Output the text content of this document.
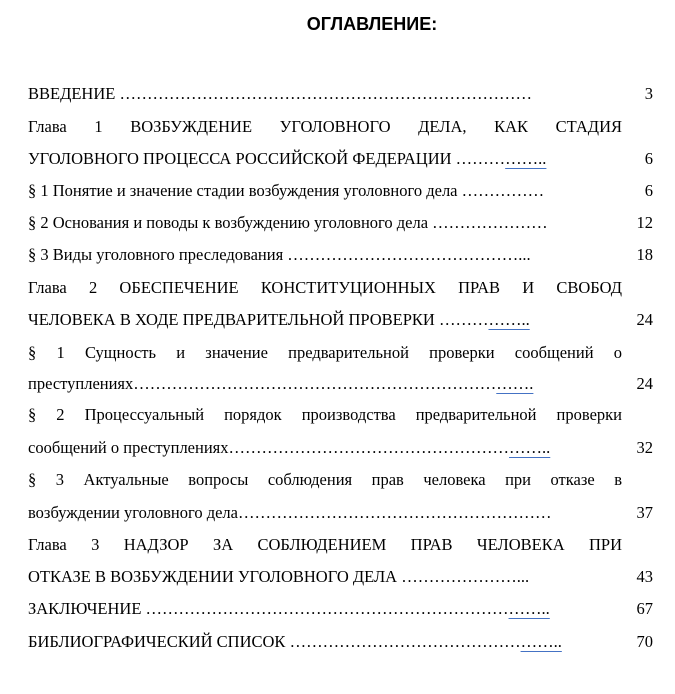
ОГЛАВЛЕНИЕ:
ВВЕДЕНИЕ …………………………………………………………………	3
Глава 1 ВОЗБУЖДЕНИЕ УГОЛОВНОГО ДЕЛА, КАК СТАДИЯ
УГОЛОВНОГО ПРОЦЕССА РОССИЙСКОЙ ФЕДЕРАЦИИ ……………..	6
§ 1 Понятие и значение стадии возбуждения уголовного дела ……………	6
§ 2 Основания и поводы к возбуждению уголовного дела …………………	12
§ 3 Виды уголовного преследования ……………………………………...	18
Глава 2 ОБЕСПЕЧЕНИЕ КОНСТИТУЦИОННЫХ ПРАВ И СВОБОД
ЧЕЛОВЕКА В ХОДЕ ПРЕДВАРИТЕЛЬНОЙ ПРОВЕРКИ ……………..	24
§ 1 Сущность и значение предварительной проверки сообщений о
преступлениях……………………………………………………………….	24
§ 2 Процессуальный порядок производства предварительной проверки
сообщений о преступлениях…………………………………………………..	32
§ 3 Актуальные вопросы соблюдения прав человека при отказе в
возбуждении уголовного дела…………………………………………………	37
Глава 3 НАДЗОР ЗА СОБЛЮДЕНИЕМ ПРАВ ЧЕЛОВЕКА ПРИ
ОТКАЗЕ В ВОЗБУЖДЕНИИ УГОЛОВНОГО ДЕЛА …………………...	43
ЗАКЛЮЧЕНИЕ ………………………………………………………………..	67
БИБЛИОГРАФИЧЕСКИЙ СПИСОК …………………………………………..	70
